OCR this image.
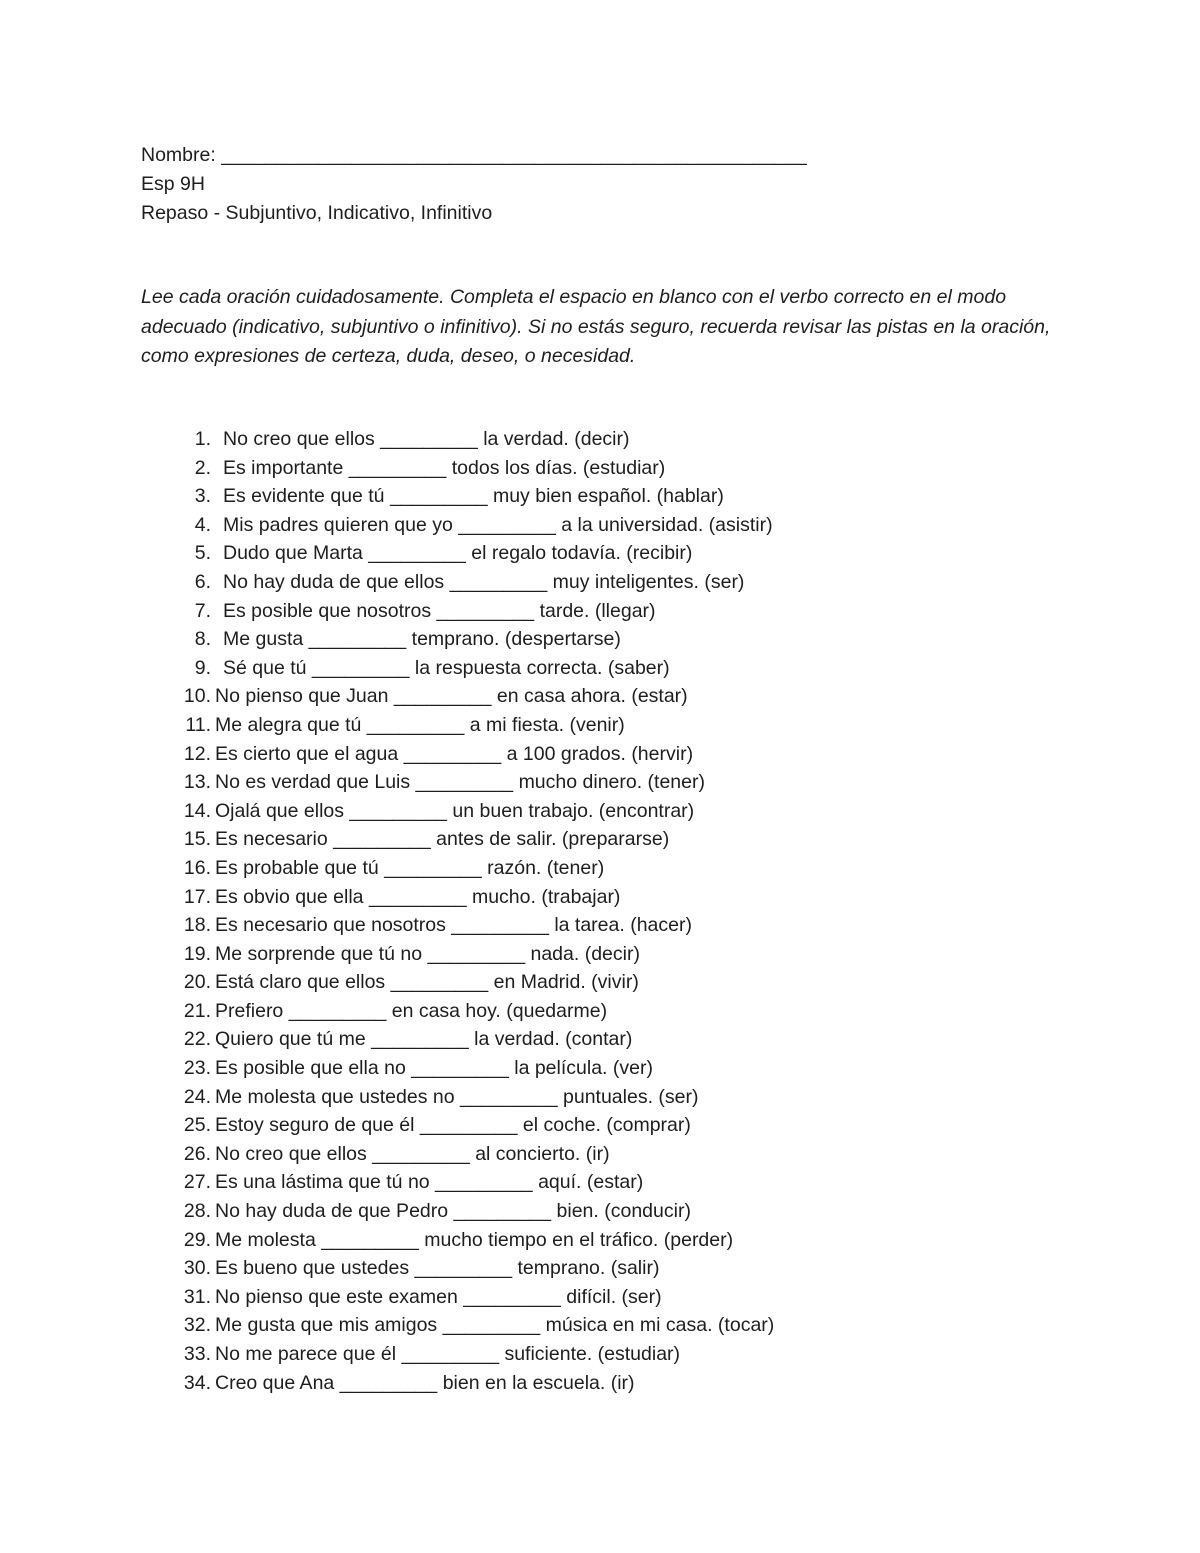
Nombre: ______________________________________________________
Esp 9H
Repaso - Subjuntivo, Indicativo, Infinitivo
Lee cada oración cuidadosamente. Completa el espacio en blanco con el verbo correcto en el modo adecuado (indicativo, subjuntivo o infinitivo). Si no estás seguro, recuerda revisar las pistas en la oración, como expresiones de certeza, duda, deseo, o necesidad.
1. No creo que ellos _________ la verdad. (decir)
2. Es importante _________ todos los días. (estudiar)
3. Es evidente que tú _________ muy bien español. (hablar)
4. Mis padres quieren que yo _________ a la universidad. (asistir)
5. Dudo que Marta _________ el regalo todavía. (recibir)
6. No hay duda de que ellos _________ muy inteligentes. (ser)
7. Es posible que nosotros _________ tarde. (llegar)
8. Me gusta _________ temprano. (despertarse)
9. Sé que tú _________ la respuesta correcta. (saber)
10. No pienso que Juan _________ en casa ahora. (estar)
11. Me alegra que tú _________ a mi fiesta. (venir)
12. Es cierto que el agua _________ a 100 grados. (hervir)
13. No es verdad que Luis _________ mucho dinero. (tener)
14. Ojalá que ellos _________ un buen trabajo. (encontrar)
15. Es necesario _________ antes de salir. (prepararse)
16. Es probable que tú _________ razón. (tener)
17. Es obvio que ella _________ mucho. (trabajar)
18. Es necesario que nosotros _________ la tarea. (hacer)
19. Me sorprende que tú no _________ nada. (decir)
20. Está claro que ellos _________ en Madrid. (vivir)
21. Prefiero _________ en casa hoy. (quedarme)
22. Quiero que tú me _________ la verdad. (contar)
23. Es posible que ella no _________ la película. (ver)
24. Me molesta que ustedes no _________ puntuales. (ser)
25. Estoy seguro de que él _________ el coche. (comprar)
26. No creo que ellos _________ al concierto. (ir)
27. Es una lástima que tú no _________ aquí. (estar)
28. No hay duda de que Pedro _________ bien. (conducir)
29. Me molesta _________ mucho tiempo en el tráfico. (perder)
30. Es bueno que ustedes _________ temprano. (salir)
31. No pienso que este examen _________ difícil. (ser)
32. Me gusta que mis amigos _________ música en mi casa. (tocar)
33. No me parece que él _________ suficiente. (estudiar)
34. Creo que Ana _________ bien en la escuela. (ir)
